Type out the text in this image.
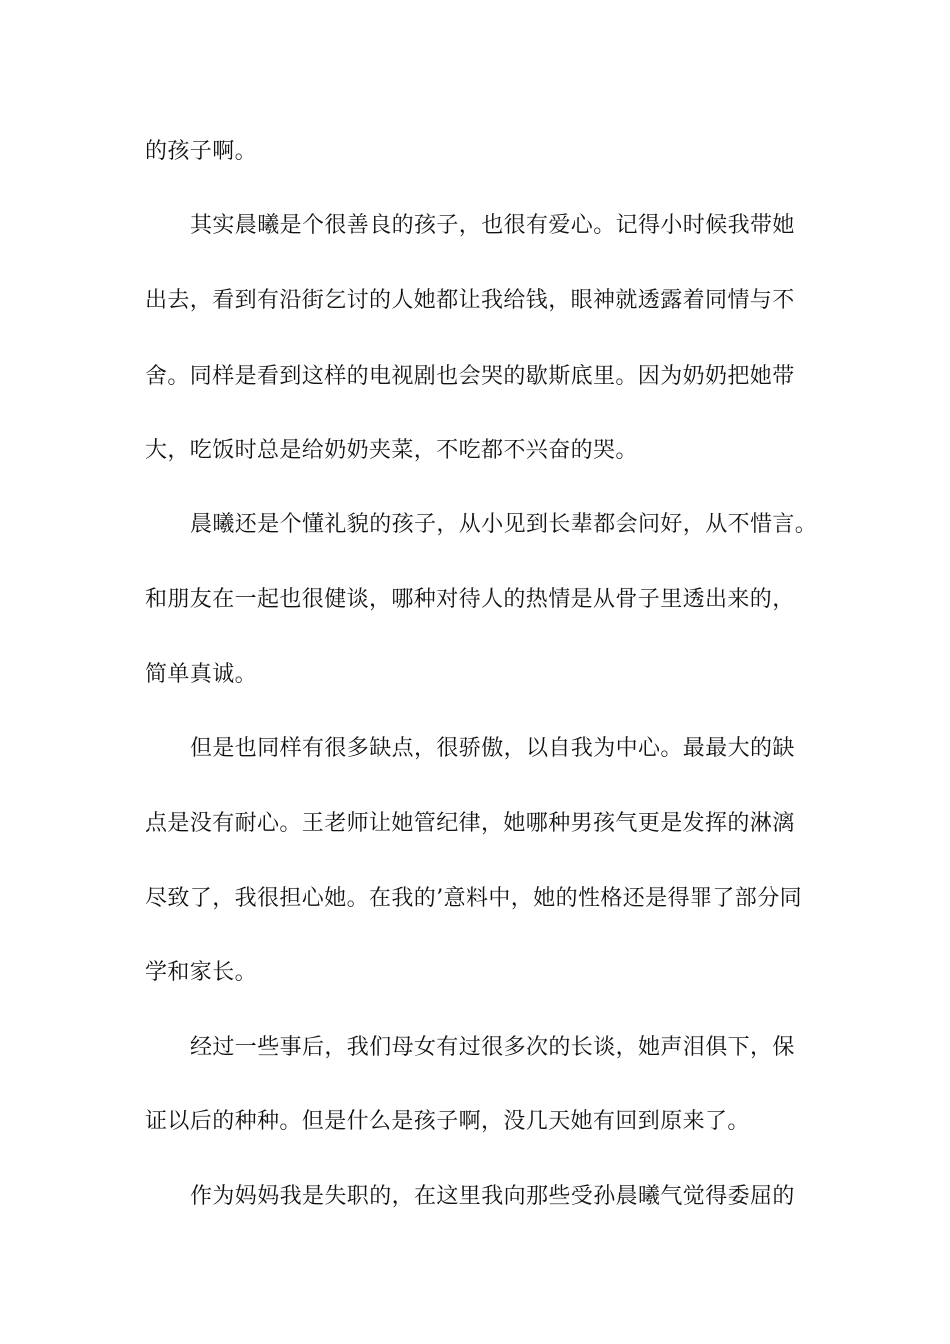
的孩子啊。
其实晨曦是个很善良的孩子，也很有爱心。记得小时候我带她
出去，看到有沿街乞讨的人她都让我给钱，眼神就透露着同情与不
舍。同样是看到这样的电视剧也会哭的歇斯底里。因为奶奶把她带
大，吃饭时总是给奶奶夹菜，不吃都不兴奋的哭。
晨曦还是个懂礼貌的孩子，从小见到长辈都会问好，从不惜言。
和朋友在一起也很健谈，哪种对待人的热情是从骨子里透出来的，
简单真诚。
但是也同样有很多缺点，很骄傲，以自我为中心。最最大的缺
点是没有耐心。王老师让她管纪律，她哪种男孩气更是发挥的淋漓
尽致了，我很担心她。在我的’意料中，她的性格还是得罪了部分同
学和家长。
经过一些事后，我们母女有过很多次的长谈，她声泪俱下，保
证以后的种种。但是什么是孩子啊，没几天她有回到原来了。
作为妈妈我是失职的，在这里我向那些受孙晨曦气觉得委屈的
